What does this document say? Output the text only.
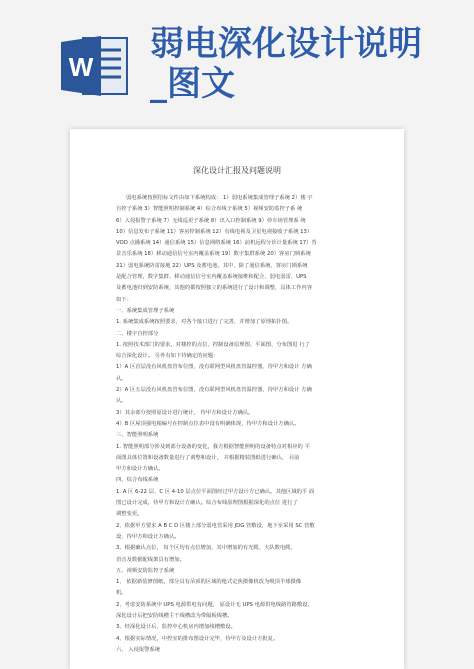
W
弱电深化设计说明
_图文
深化设计汇报及问题说明
弱电系统按照招标文件由如下系统构成： 1）弱电系统集成管理子系统 2）楼 宇
自控子系统 3）智能照明控制系统 4）综合布线子系统 5）视频安防监控子系 统
6）入侵报警子系统 7）无线巡更子系统 8）出入口控制系统 9）停车场管理系 统
10）信息发布子系统 11）客房控制系统 12）有线电视及卫星电视接收子系统 13）
VOD 点播系统 14）通信系统 15）信息网络系统 16）前机远程分诊计量系统 17）背
景音乐系统 18）移动通信信号室内覆盖系统 19）数字集群系统 20）客房门锁系统
21）弱电系统防雷接地 22）UPS 及蓄电池。其中，除了通信系统、客房门锁系统
是配合管理，数字集群、移动通信信号室内覆盖系统接维和配合，弱电弱雷、UPS
及蓄电池归到安防系统，其他的都按照独立的系统进行了设计和调整，具体工作内容
如下：
一、系统集成管理子系统
1. 系统集成系统按照要求，对各个接口进行了完善，并增加了原理拓扑图。
二、楼宇自控部分
1. 按照技术部门的要求，对楼控的点位、控制设备原理图、平面图、分布图进 行了
综合深化设计。 另外有如下待确定的问题：
1）A 区首层没有风机盘管布位图，没有联网型风机盘管温控器，待甲方和设计 方确
认。
2）A 区五层没有风机盘管布位图，没有联网型风机盘管温控器，待甲方和设计 方确
认。
3）其余部分按照原设计进行统计， 待甲方和设计方确认。
4）B 区屋顶强电箱编号在控制点位表中没有明确体现，待甲方和设计方确认。
三、智能照明系统
1. 智能照明部分涉及到部分设备的变化，我方根据智能照明的设备特点对相应的 平
面图具体位置和设备数量进行了调整和设计， 并根据精装图纸进行确认， 目前
甲方和设计方确认。
四、综合布线系统
1. A 区 6-22 层、C 区 4-10 层点位平面图经过甲方设计方已确认。其他区域的平 面
图已设计完成，待甲方和设计方确认。综合布线原理图根据深化的点位 进行了
调整变更。
2、依据甲方要求 A B C D 区楼上部分弱电管采用 JDG 管敷设，地下室采用 SC 管敷
设，待甲方和设计方确认。
3、根据确认点位， 每个区均有点位增加，其中增加的有光缆、大队数电缆、
语音及数据配线架具有增加。
五、视频安防监控子系统
1、 依据新装修图纸，部分具有吊顶的区域的枪式定焦摄像机改为吸顶半球摄像
机。
2、考虑安防系统中 UPS 电源供电有问题， 原设计无 UPS 电源供电线路管路敷设，
深化设计后把安防线槽主干线槽改为带隔板线槽。
3、经深化设计后，监控中心机房内增加线槽敷设。
4、根据实际情况，中控室的排布图设计完毕，待甲方及设计方批复。
六、 入侵报警系统
